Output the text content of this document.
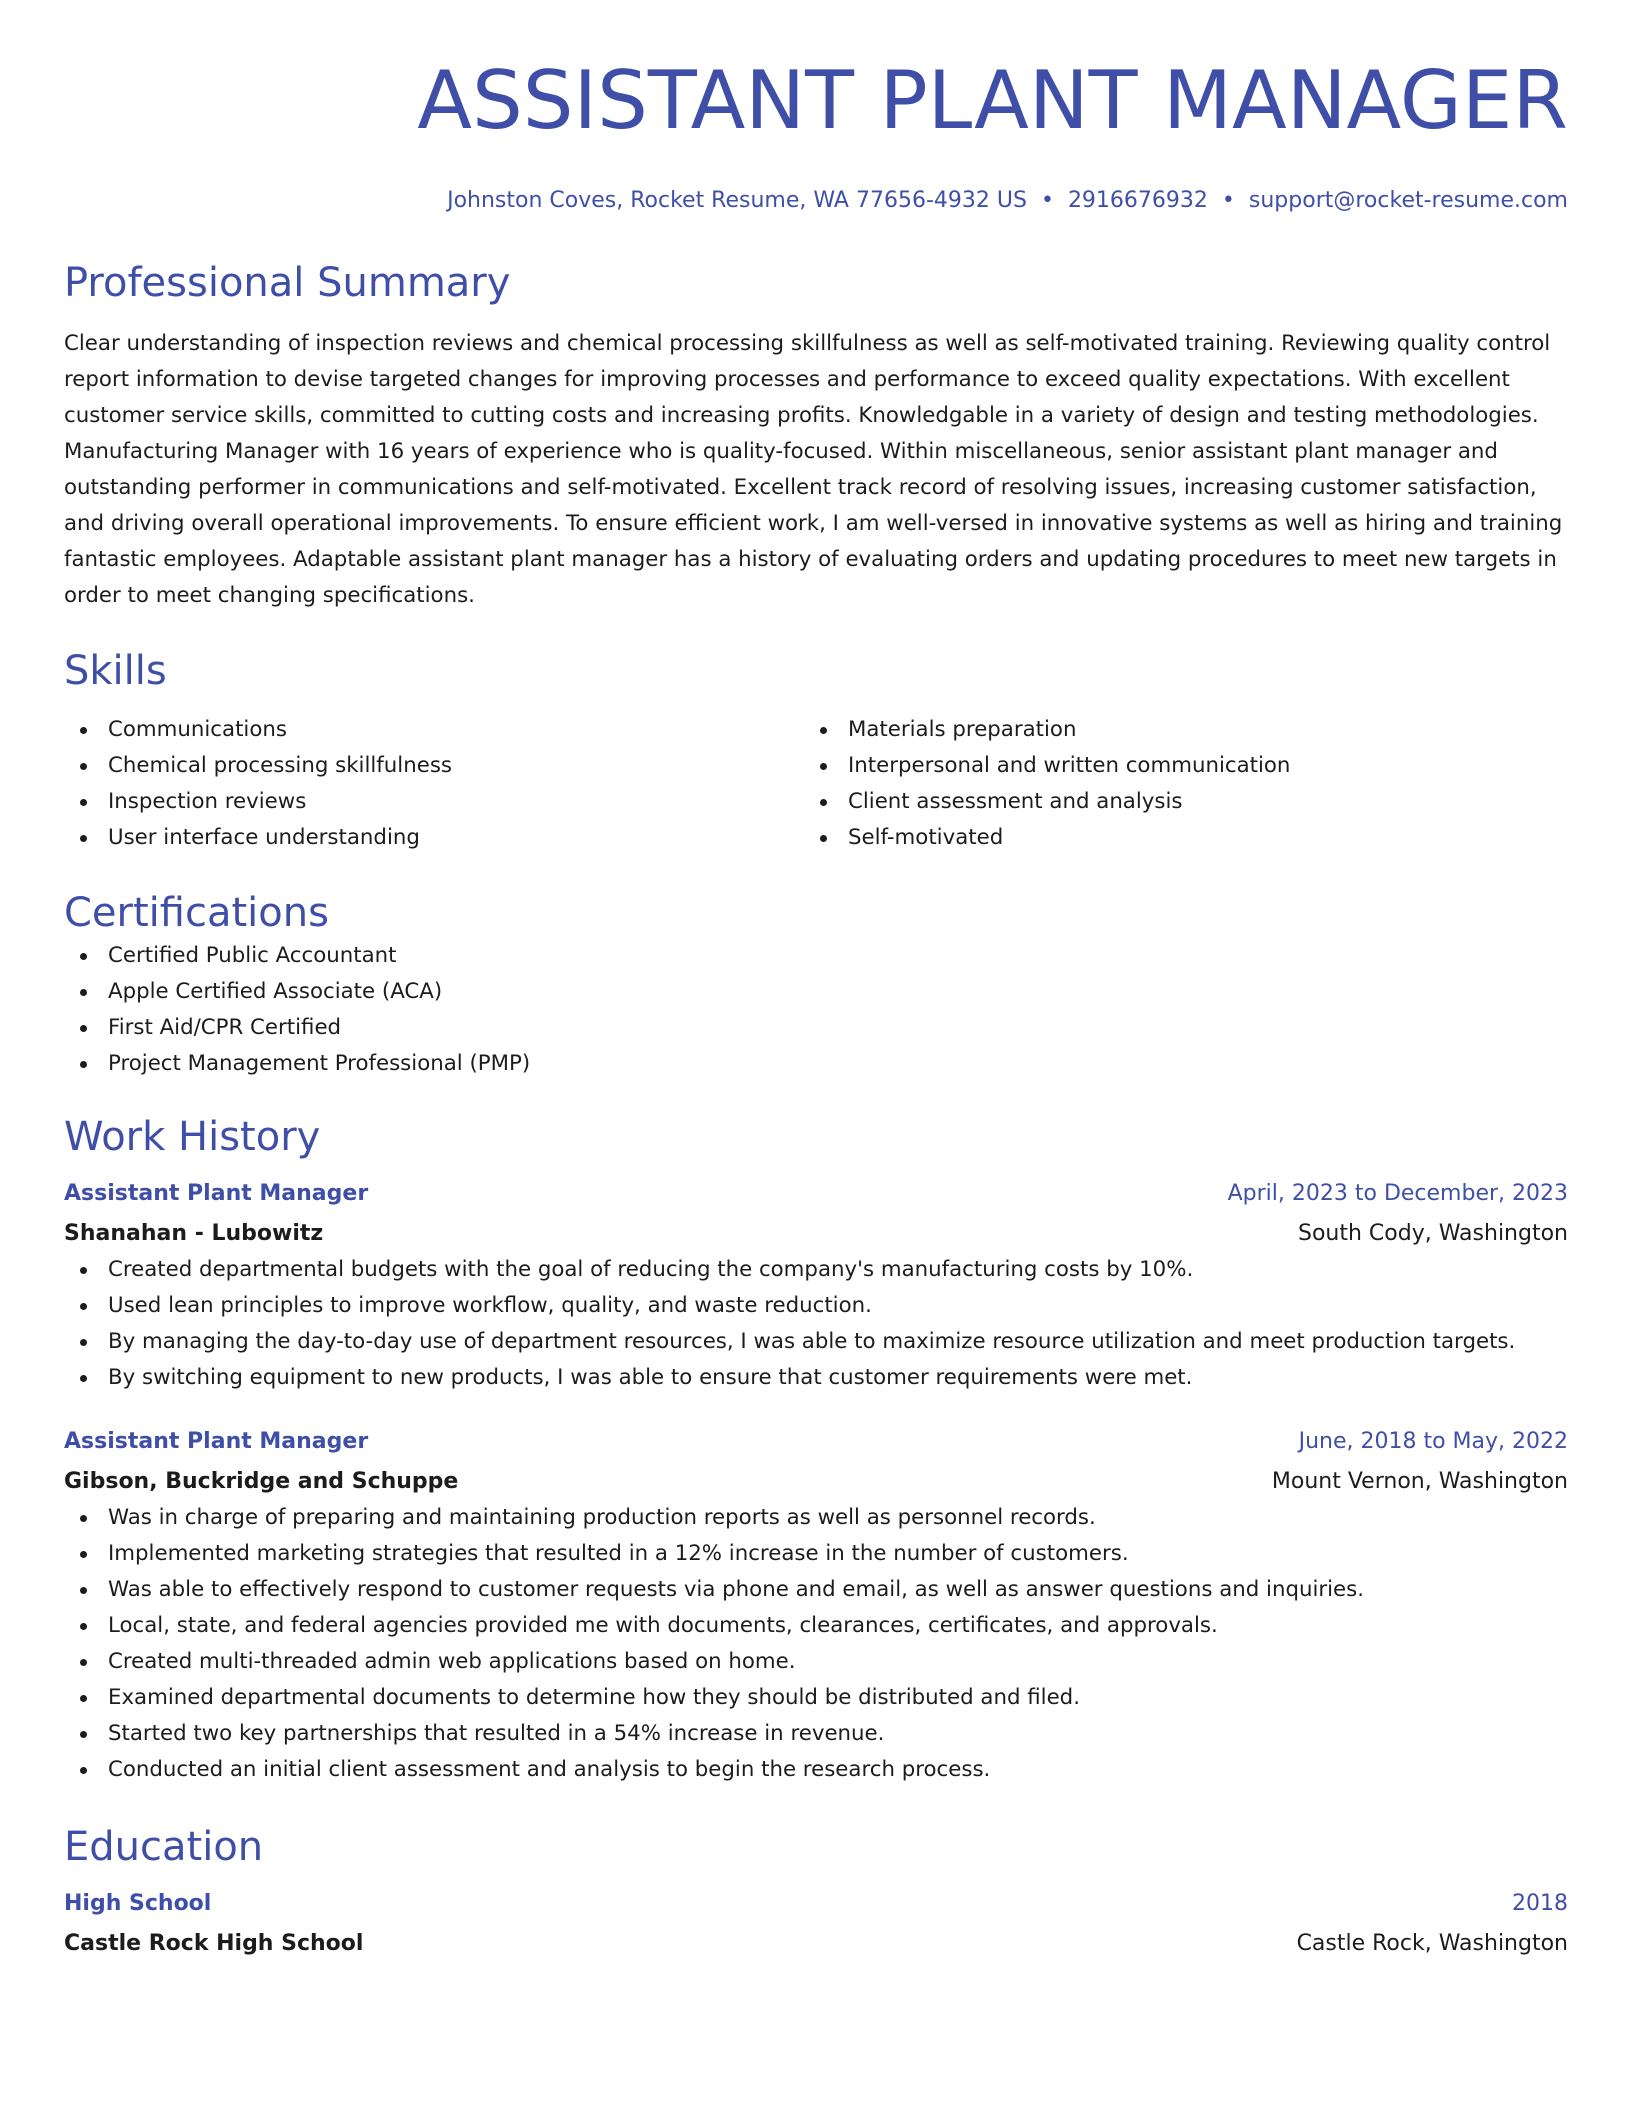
ASSISTANT PLANT MANAGER
Johnston Coves, Rocket Resume, WA 77656-4932 US • 2916676932 • support@rocket-resume.com
Professional Summary

Clear understanding of inspection reviews and chemical processing skillfulness as well as self-motivated training. Reviewing quality control report information to devise targeted changes for improving processes and performance to exceed quality expectations. With excellent customer service skills, committed to cutting costs and increasing profits. Knowledgable in a variety of design and testing methodologies. Manufacturing Manager with 16 years of experience who is quality-focused. Within miscellaneous, senior assistant plant manager and outstanding performer in communications and self-motivated. Excellent track record of resolving issues, increasing customer satisfaction, and driving overall operational improvements. To ensure efficient work, I am well-versed in innovative systems as well as hiring and training fantastic employees. Adaptable assistant plant manager has a history of evaluating orders and updating procedures to meet new targets in order to meet changing specifications.

Skills
Communications
Chemical processing skillfulness
Inspection reviews
User interface understanding
Materials preparation
Interpersonal and written communication
Client assessment and analysis
Self-motivated
Certifications
Certified Public Accountant
Apple Certified Associate (ACA)
First Aid/CPR Certified
Project Management Professional (PMP)
Work History
Assistant Plant Manager	April, 2023 to December, 2023
Shanahan - Lubowitz	South Cody, Washington
Created departmental budgets with the goal of reducing the company's manufacturing costs by 10%.
Used lean principles to improve workflow, quality, and waste reduction.
By managing the day-to-day use of department resources, I was able to maximize resource utilization and meet production targets.
By switching equipment to new products, I was able to ensure that customer requirements were met.
Assistant Plant Manager	June, 2018 to May, 2022
Gibson, Buckridge and Schuppe	Mount Vernon, Washington
Was in charge of preparing and maintaining production reports as well as personnel records.
Implemented marketing strategies that resulted in a 12% increase in the number of customers.
Was able to effectively respond to customer requests via phone and email, as well as answer questions and inquiries.
Local, state, and federal agencies provided me with documents, clearances, certificates, and approvals.
Created multi-threaded admin web applications based on home.
Examined departmental documents to determine how they should be distributed and filed.
Started two key partnerships that resulted in a 54% increase in revenue.
Conducted an initial client assessment and analysis to begin the research process.
Education
High School	2018
Castle Rock High School	Castle Rock, Washington
